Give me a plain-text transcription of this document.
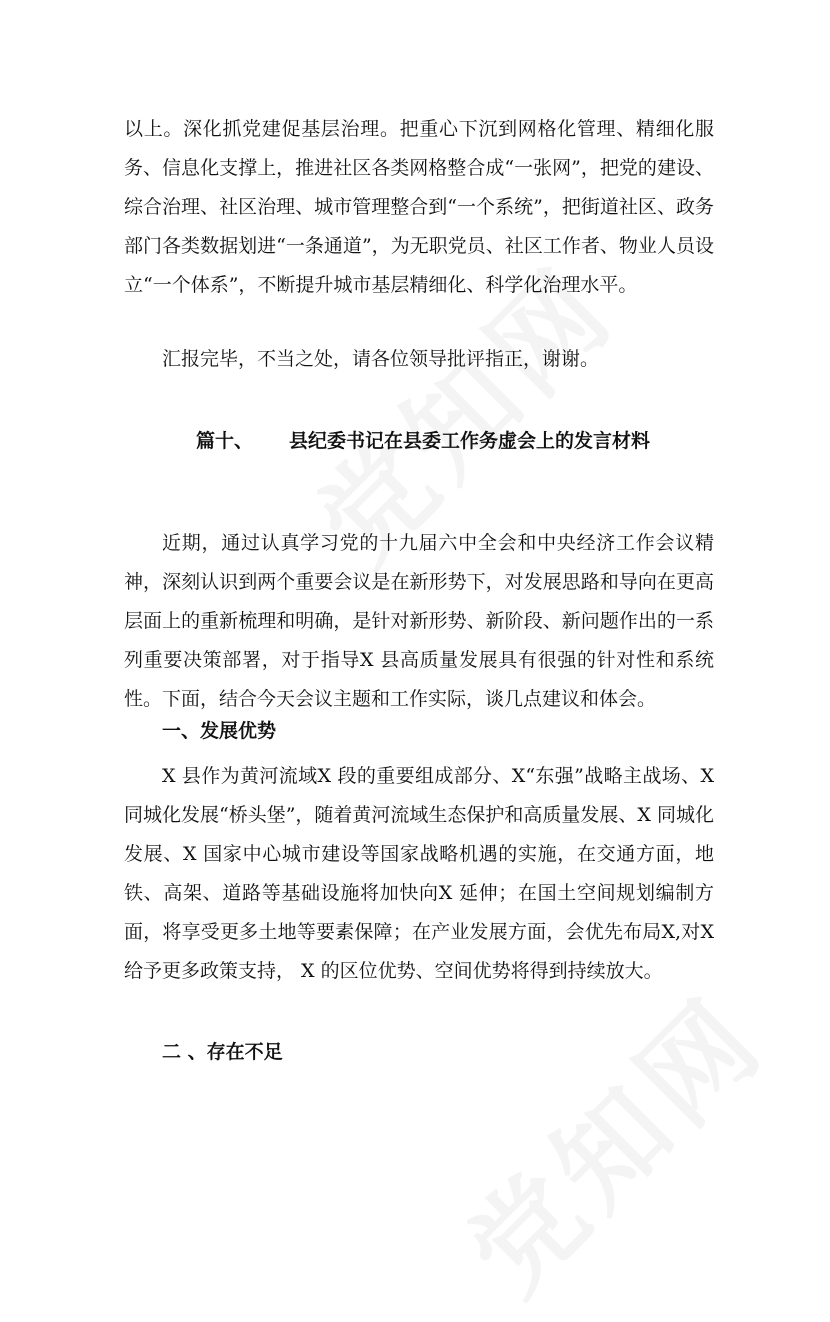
以上。深化抓党建促基层治理。把重心下沉到网格化管理、精细化服务、信息化支撑上，推进社区各类网格整合成“一张网”，把党的建设、综合治理、社区治理、城市管理整合到“一个系统”，把街道社区、政务部门各类数据划进“一条通道”，为无职党员、社区工作者、物业人员设立“一个体系”，不断提升城市基层精细化、科学化治理水平。

汇报完毕，不当之处，请各位领导批评指正，谢谢。

篇十、 县纪委书记在县委工作务虚会上的发言材料

近期，通过认真学习党的十九届六中全会和中央经济工作会议精神，深刻认识到两个重要会议是在新形势下，对发展思路和导向在更高层面上的重新梳理和明确，是针对新形势、新阶段、新问题作出的一系列重要决策部署，对于指导X 县高质量发展具有很强的针对性和系统性。下面，结合今天会议主题和工作实际，谈几点建议和体会。

一、发展优势

X 县作为黄河流域X 段的重要组成部分、X“东强”战略主战场、X 同城化发展“桥头堡”，随着黄河流域生态保护和高质量发展、X 同城化发展、X 国家中心城市建设等国家战略机遇的实施，在交通方面，地铁、高架、道路等基础设施将加快向X 延伸；在国土空间规划编制方面，将享受更多土地等要素保障；在产业发展方面，会优先布局X,对X 给予更多政策支持， X 的区位优势、空间优势将得到持续放大。

二 、存在不足
